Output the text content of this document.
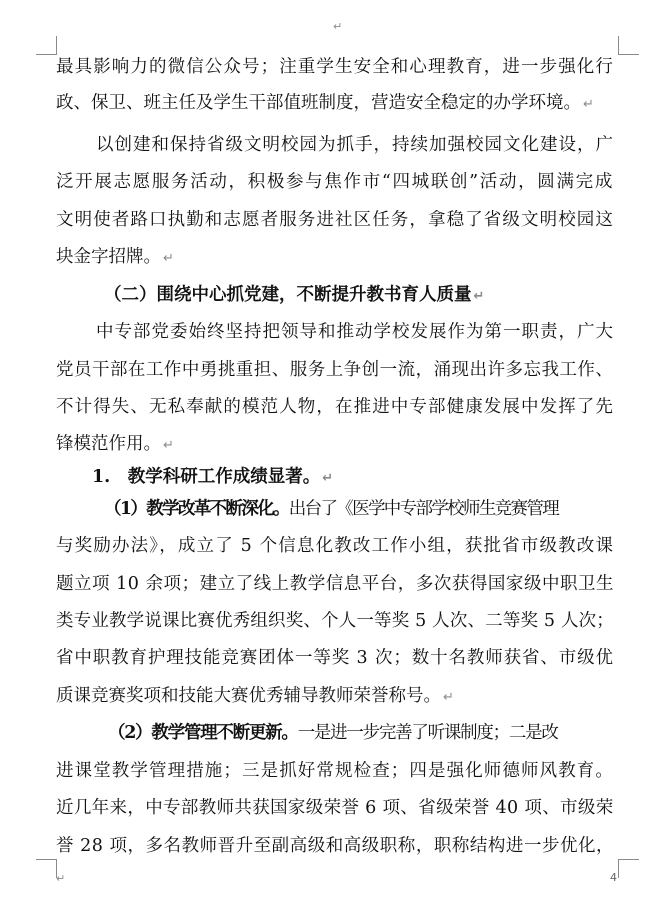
↵
↵	4
最具影响力的微信公众号；注重学生安全和心理教育，进一步强化行
政、保卫、班主任及学生干部值班制度，营造安全稳定的办学环境。 ↵
以创建和保持省级文明校园为抓手，持续加强校园文化建设，广
泛开展志愿服务活动，积极参与焦作市“四城联创”活动，圆满完成
文明使者路口执勤和志愿者服务进社区任务，拿稳了省级文明校园这
块金字招牌。 ↵
（二）围绕中心抓党建，不断提升教书育人质量 ↵
中专部党委始终坚持把领导和推动学校发展作为第一职责，广大
党员干部在工作中勇挑重担、服务上争创一流，涌现出许多忘我工作、
不计得失、无私奉献的模范人物，在推进中专部健康发展中发挥了先
锋模范作用。 ↵
1.　教学科研工作成绩显著。 ↵
（1）教学改革不断深化。出台了《医学中专部学校师生竞赛管理
与奖励办法》，成立了 5 个信息化教改工作小组，获批省市级教改课
题立项 10 余项；建立了线上教学信息平台，多次获得国家级中职卫生
类专业教学说课比赛优秀组织奖、个人一等奖 5 人次、二等奖 5 人次；
省中职教育护理技能竞赛团体一等奖 3 次；数十名教师获省、市级优
质课竞赛奖项和技能大赛优秀辅导教师荣誉称号。 ↵
（2）教学管理不断更新。一是进一步完善了听课制度；二是改
进课堂教学管理措施；三是抓好常规检查；四是强化师德师风教育。
近几年来，中专部教师共获国家级荣誉 6 项、省级荣誉 40 项、市级荣
誉 28 项，多名教师晋升至副高级和高级职称，职称结构进一步优化，
